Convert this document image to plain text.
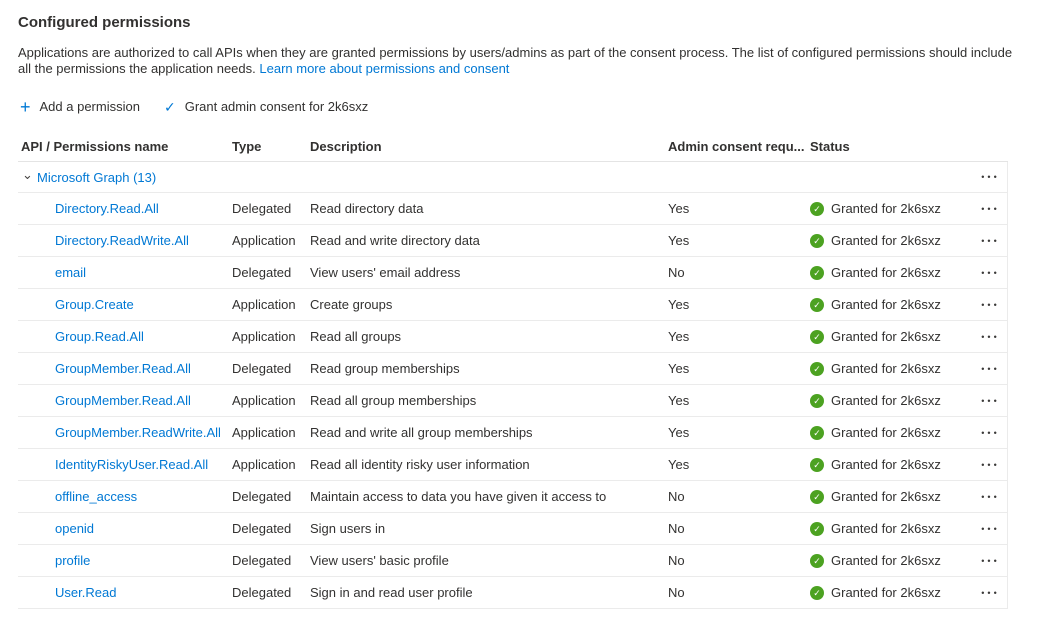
Configured permissions
Applications are authorized to call APIs when they are granted permissions by users/admins as part of the consent process. The list of configured permissions should include all the permissions the application needs. Learn more about permissions and consent
+ Add a permission ✓ Grant admin consent for 2k6sxz
API / Permissions name	Type	Description	Admin consent requ... Status
⌄ Microsoft Graph (13)	•••
Directory.Read.All	Delegated	Read directory data	Yes	✓ Granted for 2k6sxz	•••
Directory.ReadWrite.All	Application	Read and write directory data	Yes	✓ Granted for 2k6sxz	•••
email	Delegated	View users' email address	No	✓ Granted for 2k6sxz	•••
Group.Create	Application	Create groups	Yes	✓ Granted for 2k6sxz	•••
Group.Read.All	Application	Read all groups	Yes	✓ Granted for 2k6sxz	•••
GroupMember.Read.All	Delegated	Read group memberships	Yes	✓ Granted for 2k6sxz	•••
GroupMember.Read.All	Application	Read all group memberships	Yes	✓ Granted for 2k6sxz	•••
GroupMember.ReadWrite.All Application	Read and write all group memberships	Yes	✓ Granted for 2k6sxz	•••
IdentityRiskyUser.Read.All	Application	Read all identity risky user information	Yes	✓ Granted for 2k6sxz	•••
offline_access	Delegated	Maintain access to data you have given it access to	No	✓ Granted for 2k6sxz	•••
openid	Delegated	Sign users in	No	✓ Granted for 2k6sxz	•••
profile	Delegated	View users' basic profile	No	✓ Granted for 2k6sxz	•••
User.Read	Delegated	Sign in and read user profile	No	✓ Granted for 2k6sxz	•••
